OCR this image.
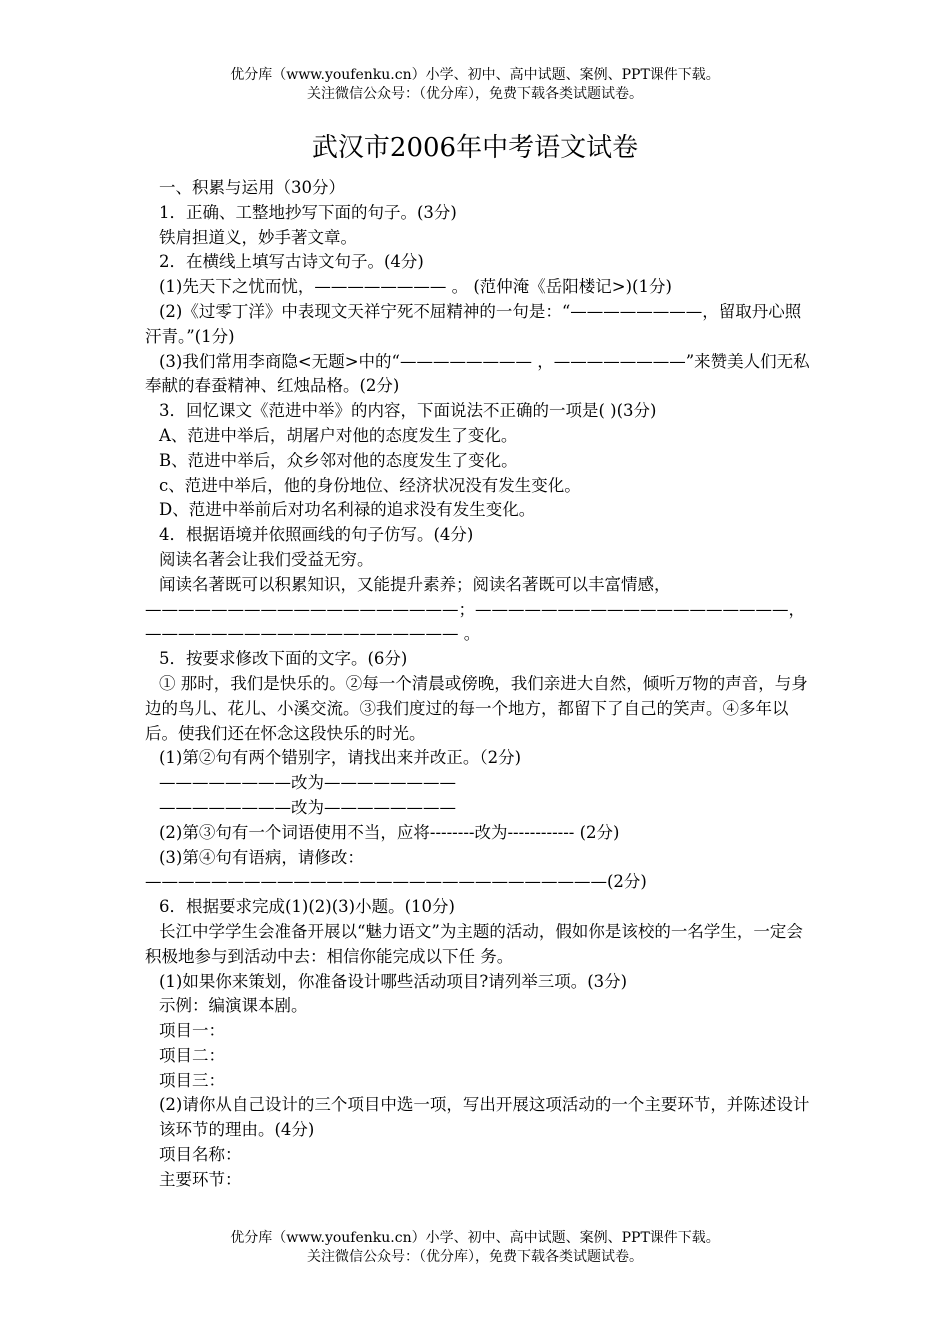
优分库（www.youfenku.cn）小学、初中、高中试题、案例、PPT课件下载。
关注微信公众号：（优分库），免费下载各类试题试卷。
武汉市2006年中考语文试卷

一、积累与运用（30分）

1．正确、工整地抄写下面的句子。(3分)

铁肩担道义，妙手著文章。

2．在横线上填写古诗文句子。(4分)

(1)先天下之忧而忧，———————— 。 (范仲淹《岳阳楼记>)(1分)

(2)《过零丁洋》中表现文天祥宁死不屈精神的一句是：“————————，留取丹心照汗青。”(1分)

(3)我们常用李商隐<无题>中的“———————— ，————————”来赞美人们无私奉献的春蚕精神、红烛品格。(2分)

3．回忆课文《范进中举》的内容，下面说法不正确的一项是( )(3分)

A、范进中举后，胡屠户对他的态度发生了变化。

B、范进中举后，众乡邻对他的态度发生了变化。

c、范进中举后，他的身份地位、经济状况没有发生变化。

D、范进中举前后对功名利禄的追求没有发生变化。

4．根据语境并依照画线的句子仿写。(4分)

阅读名著会让我们受益无穷。

闻读名著既可以积累知识，又能提升素养；阅读名著既可以丰富情感，———————————————————；———————————————————，——————————————————— 。

5．按要求修改下面的文字。(6分)

① 那时，我们是快乐的。②每一个清晨或傍晚，我们亲进大自然，倾听万物的声音，与身边的鸟儿、花儿、小溪交流。③我们度过的每一个地方，都留下了自己的笑声。④多年以后。使我们还在怀念这段快乐的时光。

(1)第②句有两个错别字，请找出来并改正。（2分)

————————改为————————

————————改为————————

(2)第③句有一个词语使用不当，应将--------改为------------ (2分)

(3)第④句有语病，请修改：————————————————————————————(2分)

6．根据要求完成(1)(2)(3)小题。(10分)

长江中学学生会准备开展以“魅力语文”为主题的活动，假如你是该校的一名学生，一定会 积极地参与到活动中去：相信你能完成以下任 务。

(1)如果你来策划，你准备设计哪些活动项目?请列举三项。(3分)

示例：编演课本剧。

项目一：

项目二：

项目三：

(2)请你从自己设计的三个项目中选一项，写出开展这项活动的一个主要环节，并陈述设计

该环节的理由。(4分)

项目名称：

主要环节：

优分库（www.youfenku.cn）小学、初中、高中试题、案例、PPT课件下载。
关注微信公众号：（优分库），免费下载各类试题试卷。
